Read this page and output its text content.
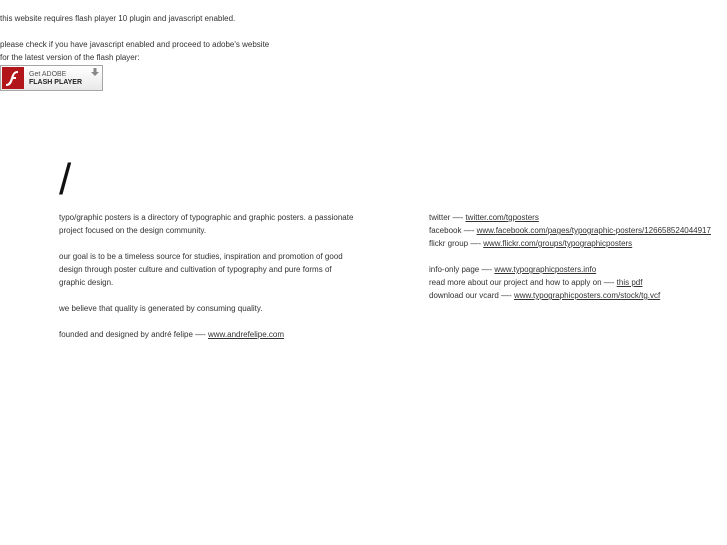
this website requires flash player 10 plugin and javascript enabled.

please check if you have javascript enabled and proceed to adobe's website

for the latest version of the flash player:

Get ADOBE
FLASH PLAYER
/

typo/graphic posters is a directory of typographic and graphic posters. a passionate

project focused on the design community.

our goal is to be a timeless source for studies, inspiration and promotion of good

design through poster culture and cultivation of typography and pure forms of

graphic design.

we believe that quality is generated by consuming quality.

founded and designed by andré felipe —- www.andrefelipe.com

twitter —- twitter.com/tgposters

facebook —- www.facebook.com/pages/typographic-posters/126658524044917

flickr group —- www.flickr.com/groups/typographicposters

info-only page —- www.typographicposters.info

read more about our project and how to apply on —- this pdf

download our vcard —- www.typographicposters.com/stock/tg.vcf
